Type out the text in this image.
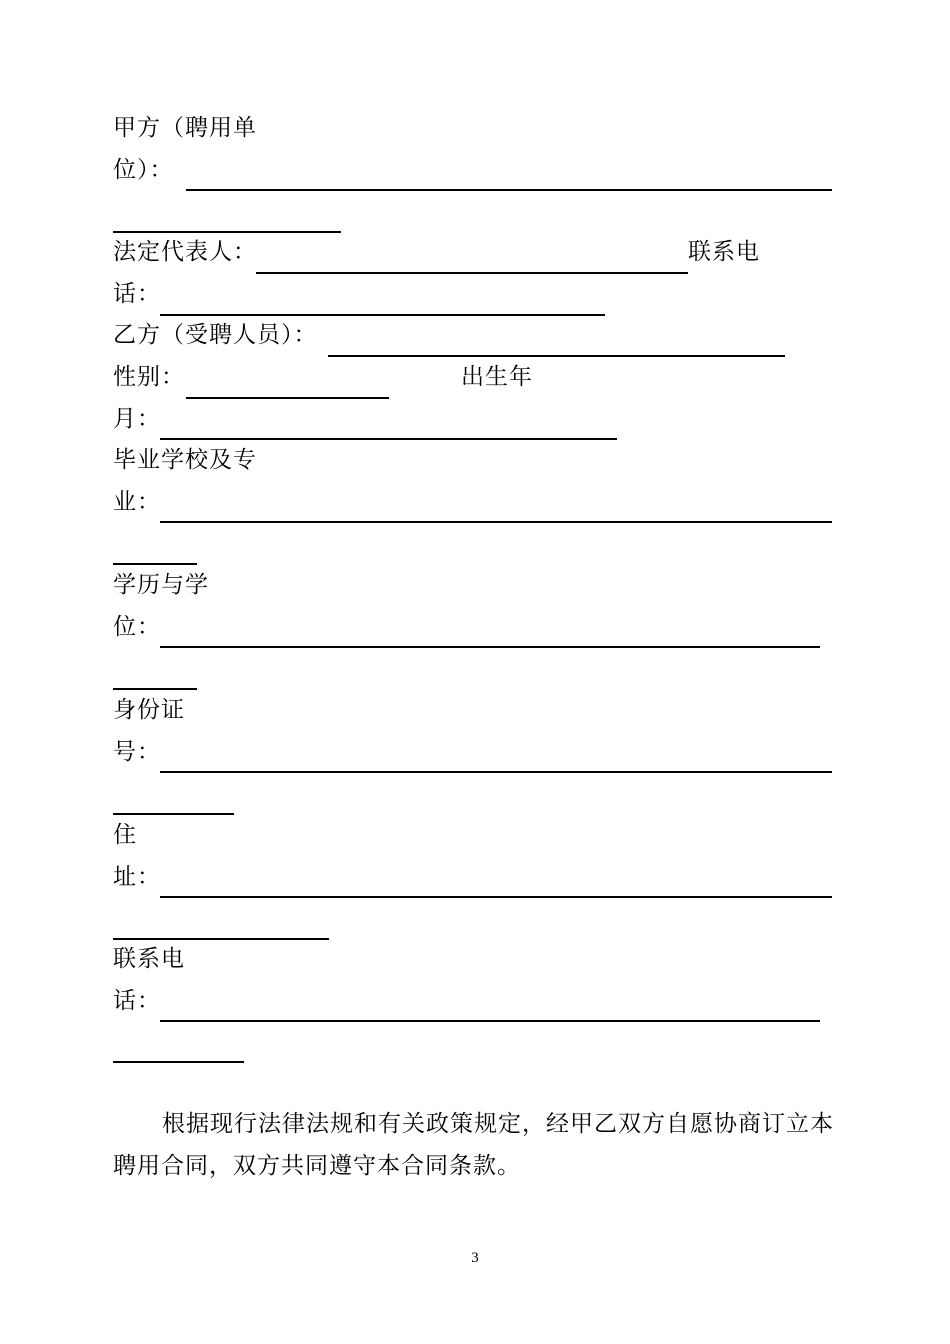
甲方（聘用单
位）：
法定代表人：	联系电
话：
乙方（受聘人员）：
性别：	出生年
月：
毕业学校及专
业：
学历与学
位：
身份证
号：
住
址：
联系电
话：
根据现行法律法规和有关政策规定，经甲乙双方自愿协商订立本
聘用合同，双方共同遵守本合同条款。
3
